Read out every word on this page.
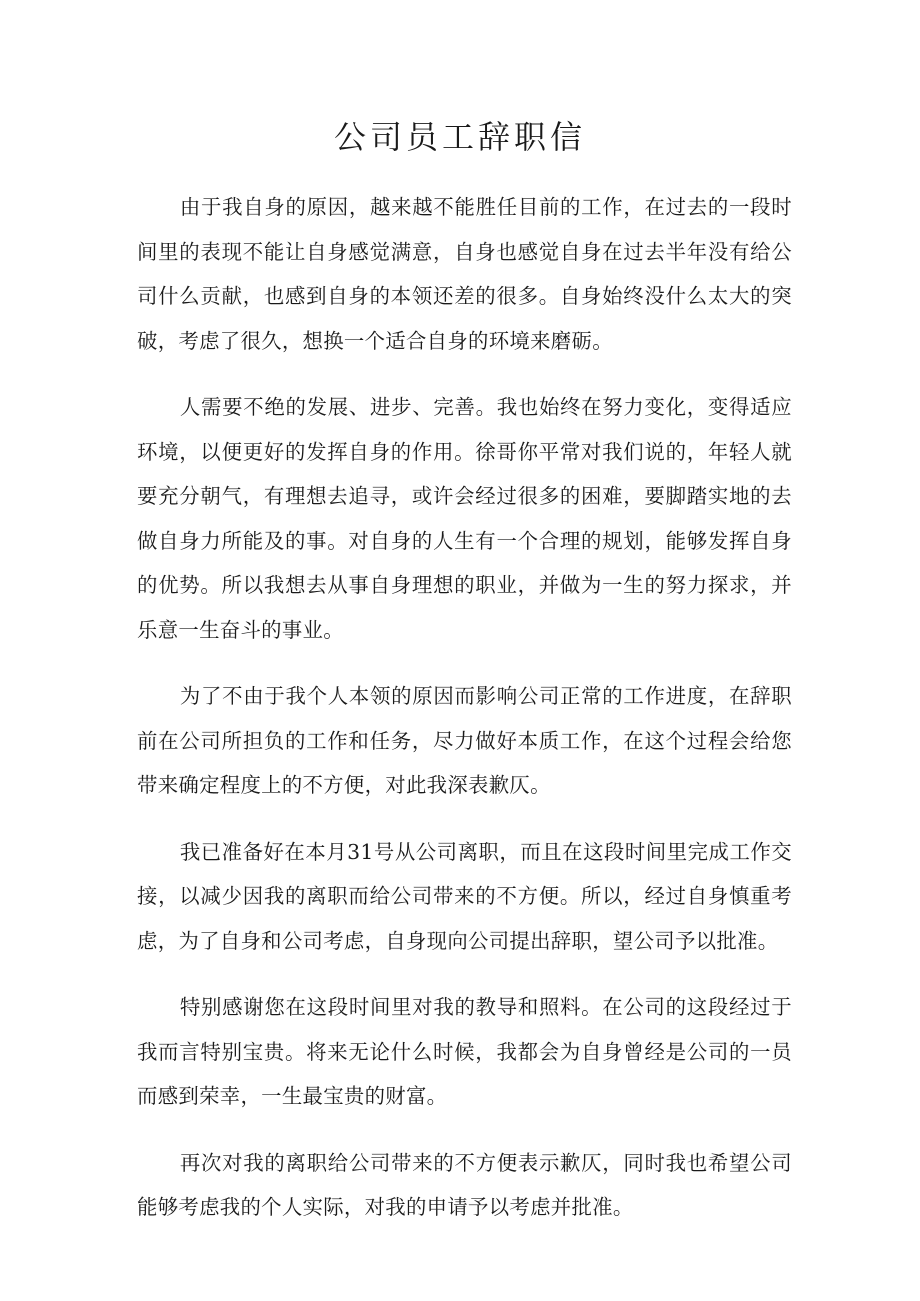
公司员工辞职信

由于我自身的原因，越来越不能胜任目前的工作，在过去的一段时间里的表现不能让自身感觉满意，自身也感觉自身在过去半年没有给公司什么贡献，也感到自身的本领还差的很多。自身始终没什么太大的突破，考虑了很久，想换一个适合自身的环境来磨砺。

人需要不绝的发展、进步、完善。我也始终在努力变化，变得适应环境，以便更好的发挥自身的作用。徐哥你平常对我们说的，年轻人就要充分朝气，有理想去追寻，或许会经过很多的困难，要脚踏实地的去做自身力所能及的事。对自身的人生有一个合理的规划，能够发挥自身的优势。所以我想去从事自身理想的职业，并做为一生的努力探求，并乐意一生奋斗的事业。

为了不由于我个人本领的原因而影响公司正常的工作进度，在辞职前在公司所担负的工作和任务，尽力做好本质工作，在这个过程会给您带来确定程度上的不方便，对此我深表歉仄。

我已准备好在本月31号从公司离职，而且在这段时间里完成工作交接，以减少因我的离职而给公司带来的不方便。所以，经过自身慎重考虑，为了自身和公司考虑，自身现向公司提出辞职，望公司予以批准。

特别感谢您在这段时间里对我的教导和照料。在公司的这段经过于我而言特别宝贵。将来无论什么时候，我都会为自身曾经是公司的一员而感到荣幸，一生最宝贵的财富。

再次对我的离职给公司带来的不方便表示歉仄，同时我也希望公司能够考虑我的个人实际，对我的申请予以考虑并批准。
